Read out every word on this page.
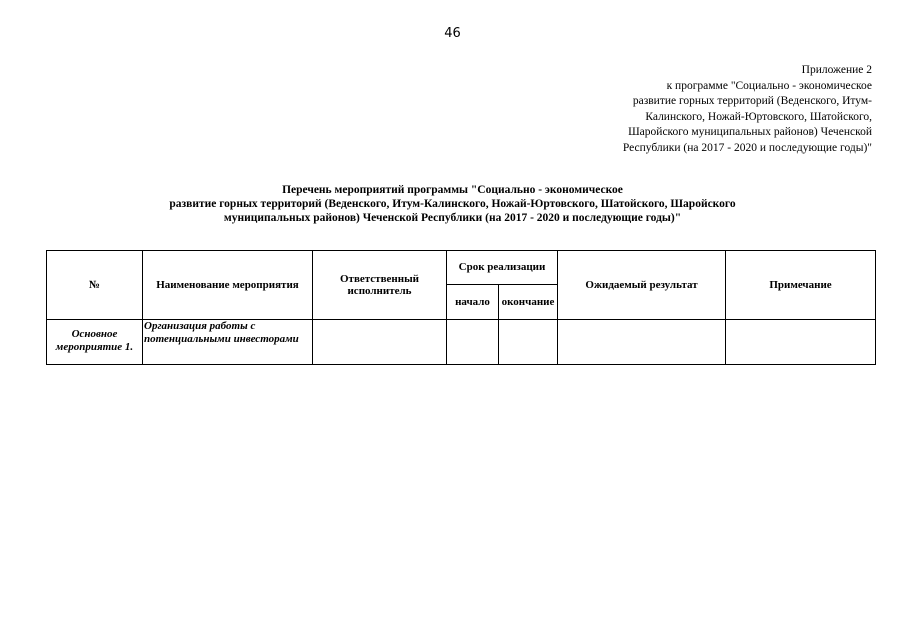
46
Приложение 2
к программе "Социально - экономическое
развитие горных территорий (Веденского, Итум-
Калинского, Ножай-Юртовского, Шатойского,
Шаройского муниципальных районов) Чеченской
Республики (на 2017 - 2020 и последующие годы)"
Перечень мероприятий программы "Социально - экономическое
развитие горных территорий (Веденского, Итум-Калинского, Ножай-Юртовского, Шатойского, Шаройского
муниципальных районов) Чеченской Республики (на 2017 - 2020 и последующие годы)"
№	Наименование мероприятия	Ответственный исполнитель	Срок реализации		Ожидаемый результат	Примечание
			начало	окончание		

Основное мероприятие 1.	Организация работы с потенциальными инвесторами					
